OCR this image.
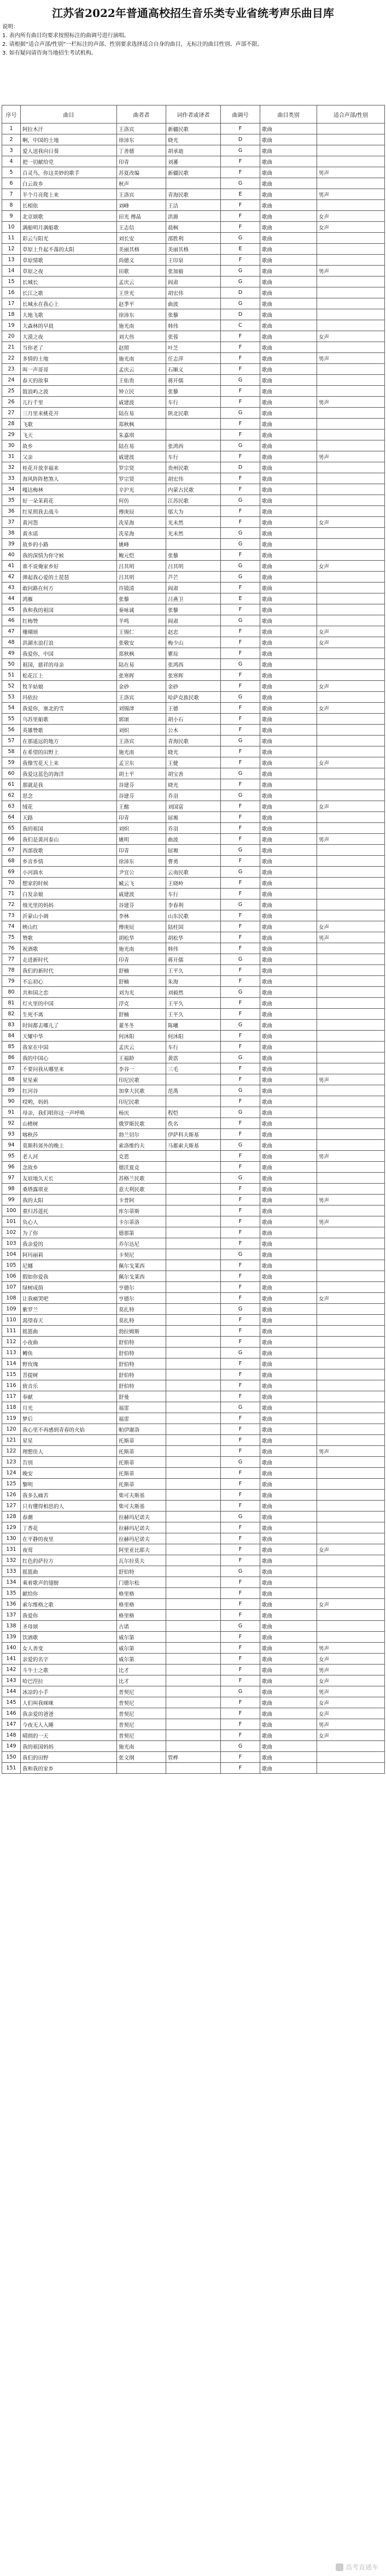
江苏省2022年普通高校招生音乐类专业省统考声乐曲目库
说明：
1. 表内所有曲目均要求按照标注的曲调号进行演唱。
2. 请根据“适合声部/性别”一栏标注的声部、性别要求选择适合自身的曲目，无标注的曲目性别、声部不限。
3. 如有疑问请咨询当地招生考试机构。
序号	曲目	曲者者	词作者或译者	曲调号	曲目类别	适合声部/性别
1	阿拉木汗	王洛宾	新疆民歌	F	歌曲	
2	啊，中国的土地	徐沛东	晓光	D	歌曲	
3	爱人送我向日葵	丁善德	胡承迪	G	歌曲	
4	把一切献给党	印青	刘蕃	F	歌曲	
5	百灵鸟，你这美妙的歌手	苏夏改编	新疆民歌	F	歌曲	男声
6	白云故乡	秋声		G	歌曲	
7	半个月亮爬上来	王洛宾	青海民歌	E	歌曲	男声
8	长相依	刘峰	王洁	F	歌曲	
9	北京颂歌	田光 傅晶	洪源	F	歌曲	女声
10	满船明月满船歌	王志信	晨枫	F	歌曲	女声
11	彩云与阳光	刘长安	邵胜利	G	歌曲	
12	草原上升起不落的太阳	美丽其格	美丽其格	E	歌曲	
13	草原情歌	尚德义	王印泉	F	歌曲	
14	草原之夜	田歌	张加毅	G	歌曲	男声
15	长城长	孟庆云	阎肃	G	歌曲	
16	长江之歌	王世光	胡宏伟	D	歌曲	
17	长城永在我心上	赵季平	曲波	G	歌曲	
18	大地飞歌	徐沛东	张藜	D	歌曲	
19	大森林的早晨	施光南	韩伟	C	歌曲	
20	大漠之夜	刘大伟	张蓉	F	歌曲	女声
21	当你老了	赵照	叶芝	F	歌曲	
22	多情的土地	施光南	任志萍	F	歌曲	男声
23	叫一声哥哥	孟庆云	石顺义	F	歌曲	
24	春天的故事	王佑贵	蒋开儒	G	歌曲	
25	鼓浪屿之波	钟立民	张藜	F	歌曲	
26	儿行千里	戚建波	车行	F	歌曲	男声
27	三月里来桃花开	陆在易	陕北民歌	G	歌曲	
28	飞歌	郑秋枫		F	歌曲	
29	飞天	朱嘉琪		F	歌曲	
30	故乡	陆在易	张鸿西	G	歌曲	
31	父亲	戚建波	车行	F	歌曲	男声
32	桂花开放幸福来	罗宗贤	贵州民歌	D	歌曲	
33	海风阵阵愁煞人	罗宗贤	胡宏伟	F	歌曲	
34	嘎达梅林	辛沪光	内蒙古民歌	F	歌曲	
35	好一朵茉莉花	何仿	江苏民歌	G	歌曲	
36	红星照我去战斗	傅庚辰	邬大为	F	歌曲	
37	黄河怨	冼星海	光未然	F	歌曲	女声
38	黄水谣	冼星海	光未然	G	歌曲	
39	故乡的小路	姚峰		G	歌曲	
40	我的深情为你守候	鲍元恺	张藜	F	歌曲	
41	谁不说俺家乡好	吕其明	吕其明	G	歌曲	女声
42	弹起我心爱的土琵琶	吕其明	芦芒	G	歌曲	
43	敢问路在何方	许镜清	阎肃	F	歌曲	
44	鸿雁	张藜	吕燕卫	E	歌曲	
45	我和我的祖国	秦咏诚	张藜	F	歌曲	
46	红梅赞	羊鸣	阎肃	G	歌曲	
47	珊瑚颂	王锡仁	赵忠	F	歌曲	女声
48	洪湖水浪打浪	张敬安	梅少山	F	歌曲	女声
49	我爱你，中国	郑秋枫	瞿琮	F	歌曲	
50	祖国，慈祥的母亲	陆在易	张鸿西	G	歌曲	
51	松花江上	张寒晖	张寒晖	F	歌曲	
52	牧羊姑娘	金砂	金砂	F	歌曲	女声
53	玛依拉	王洛宾	哈萨克族民歌	G	歌曲	
54	我爱你，塞北的雪	刘锡津	王德	F	歌曲	女声
55	乌苏里船歌	郭颂	胡小石	F	歌曲	
56	英雄赞歌	刘炽	公木	F	歌曲	
57	在那遥远的地方	王洛宾	青海民歌	G	歌曲	
58	在希望的田野上	施光南	晓光	F	歌曲	
59	我像雪花天上来	孟卫东	王健	F	歌曲	女声
60	我爱这蓝色的海洋	胡士平	胡宝善	G	歌曲	
61	那就是我	谷建芬	晓光	F	歌曲	
62	思念	谷建芬	乔羽	G	歌曲	
63	绒花	王酩	刘国富	F	歌曲	女声
64	天路	印青	屈塬	F	歌曲	
65	我的祖国	刘炽	乔羽	F	歌曲	
66	我们是黄河泰山	姚明	曲波	F	歌曲	男声
67	西部放歌	印青	屈塬	G	歌曲	
68	乡音乡情	徐沛东	曹勇	F	歌曲	
69	小河淌水	尹宜公	云南民歌	G	歌曲	
70	想家的时候	臧云飞	王晓岭	F	歌曲	
71	白发亲娘	戚建波	车行	F	歌曲	
72	烛光里的妈妈	谷建芬	李春利	G	歌曲	
73	沂蒙山小调	李林	山东民歌	F	歌曲	
74	映山红	傅庚辰	陆柱国	F	歌曲	女声
75	赞歌	胡松华	胡松华	F	歌曲	男声
76	祝酒歌	施光南	韩伟	F	歌曲	
77	走进新时代	印青	蒋开儒	G	歌曲	
78	我们的新时代	舒楠	王平久	F	歌曲	
79	不忘初心	舒楠	朱海	F	歌曲	
80	共和国之恋	刘为光	刘毅然	G	歌曲	
81	灯火里的中国	浮克	王平久	F	歌曲	
82	生死不离	舒楠	王平久	F	歌曲	
83	时间都去哪儿了	董冬冬	陈曦	G	歌曲	
84	天耀中华	何沐阳	何沐阳	F	歌曲	
85	我家在中国	孟庆云	车行	F	歌曲	
86	我的中国心	王福龄	黄霑	G	歌曲	
87	不要问我从哪里来	李谷一	三毛	F	歌曲	
88	星星索	印尼民歌		F	歌曲	男声
89	红河谷	加拿大民歌	范禹	G	歌曲	
90	哎哟，妈妈	印尼民歌		F	歌曲	
91	母亲，我们唱你这一声呼唤	杨庆	程恺	G	歌曲	
92	山楂树	俄罗斯民歌	佚名	F	歌曲	
93	喀秋莎	勃兰切尔	伊萨科夫斯基	F	歌曲	
94	莫斯科郊外的晚上	索洛维约夫	马都索夫斯基	G	歌曲	
95	老人河	克恩		F	歌曲	男声
96	念故乡	德沃夏克		F	歌曲	
97	友谊地久天长	苏格兰民歌		G	歌曲	
98	桑塔露琪亚	意大利民歌		F	歌曲	
99	我的太阳	卡普阿		F	歌曲	男声
100	重归苏莲托	库尔蒂斯		F	歌曲	
101	负心人	卡尔蒂洛		F	歌曲	男声
102	为了你	德那第		F	歌曲	
103	我亲爱的	乔尔达尼		F	歌曲	
104	阿玛丽莉	卡契尼		G	歌曲	
105	尼娜	佩尔戈莱西		F	歌曲	
106	假如你爱我	佩尔戈莱西		F	歌曲	
107	绿树成荫	亨德尔		F	歌曲	
108	让我痛哭吧	亨德尔		F	歌曲	女声
109	紫罗兰	莫扎特		G	歌曲	
110	渴望春天	莫扎特		F	歌曲	
111	摇篮曲	勃拉姆斯		F	歌曲	
112	小夜曲	舒伯特		F	歌曲	
113	鳟鱼	舒伯特		G	歌曲	
114	野玫瑰	舒伯特		F	歌曲	
115	菩提树	舒伯特		F	歌曲	
116	致音乐	舒伯特		F	歌曲	
117	奉献	舒曼		F	歌曲	
118	月光	福雷		G	歌曲	
119	梦后	福雷		F	歌曲	
120	我心里不再感到青春的火焰	帕伊谢洛		F	歌曲	
121	星星	托斯蒂		F	歌曲	
122	理想佳人	托斯蒂		F	歌曲	男声
123	告别	托斯蒂		G	歌曲	
124	晚安	托斯蒂		F	歌曲	
125	黎明	托斯蒂		F	歌曲	
126	我多么痛苦	柴可夫斯基		F	歌曲	
127	只有懂得相思的人	柴可夫斯基		F	歌曲	
128	春潮	拉赫玛尼诺夫		G	歌曲	
129	丁香花	拉赫玛尼诺夫		F	歌曲	
130	在平静的夜里	拉赫玛尼诺夫		F	歌曲	
131	夜莺	阿里亚比耶夫		F	歌曲	女声
132	红色的萨拉方	瓦尔拉莫夫		F	歌曲	
133	摇篮曲	舒伯特		G	歌曲	
134	乘着歌声的翅膀	门德尔松		F	歌曲	
135	献给你	格里格		F	歌曲	
136	索尔维格之歌	格里格		F	歌曲	女声
137	我爱你	格里格		F	歌曲	
138	圣母颂	古诺		G	歌曲	
139	饮酒歌	威尔第		F	歌曲	
140	女人善变	威尔第		F	歌曲	男声
141	亲爱的名字	威尔第		F	歌曲	女声
142	斗牛士之歌	比才		F	歌曲	男声
143	哈巴涅拉	比才		F	歌曲	女声
144	冰凉的小手	普契尼		G	歌曲	男声
145	人们叫我咪咪	普契尼		F	歌曲	女声
146	我亲爱的爸爸	普契尼		F	歌曲	女声
147	今夜无人入睡	普契尼		F	歌曲	男声
148	晴朗的一天	普契尼		F	歌曲	女声
149	我的祖国妈妈	施光南		G	歌曲	
150	我们的田野	张文纲	管桦	F	歌曲	
151	我和我的家乡			F	歌曲	
高考直通车
